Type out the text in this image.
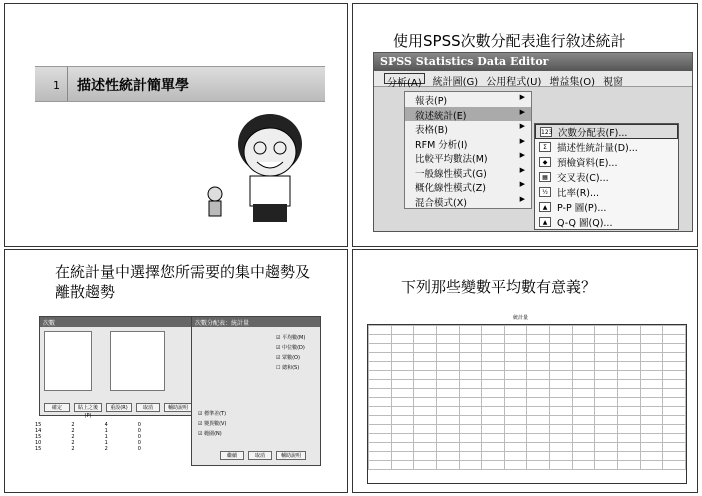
1 描述性統計簡單學
使用SPSS次數分配表進行敘述統計
SPSS Statistics Data Editor
分析(A)	統計圖(G) 公用程式(U) 增益集(O) 視窗
報表(P)	▶
敘述統計(E)	▶
表格(B)	▶
RFM 分析(I)	▶
比較平均數法(M)	▶
一般線性模式(G)	▶
概化線性模式(Z)	▶
混合模式(X)	▶
123 次數分配表(F)...
Σ	描述性統計量(D)...
◆	預檢資料(E)...
▦ 交叉表(C)...
½ 比率(R)...
▲	P-P 圖(P)...
▲	Q-Q 圖(Q)...
在統計量中選擇您所需要的集中趨勢及離散趨勢
次數
確定	貼上之後(P)
重設(R)	取消	輔助說明
次數分配表：統計量
☑ 平均數(M)
☑ 中位數(D)
☑ 眾數(O)
☐ 總和(S)
☑ 標準差(T)
☑ 變異數(V)
☑ 範圍(N)
繼續	取消	輔助說明
15	2	4	0
14	2	1	0
15	2	1	0
10	2	1	0
15	2	2	0
下列那些變數平均數有意義？
統計量
